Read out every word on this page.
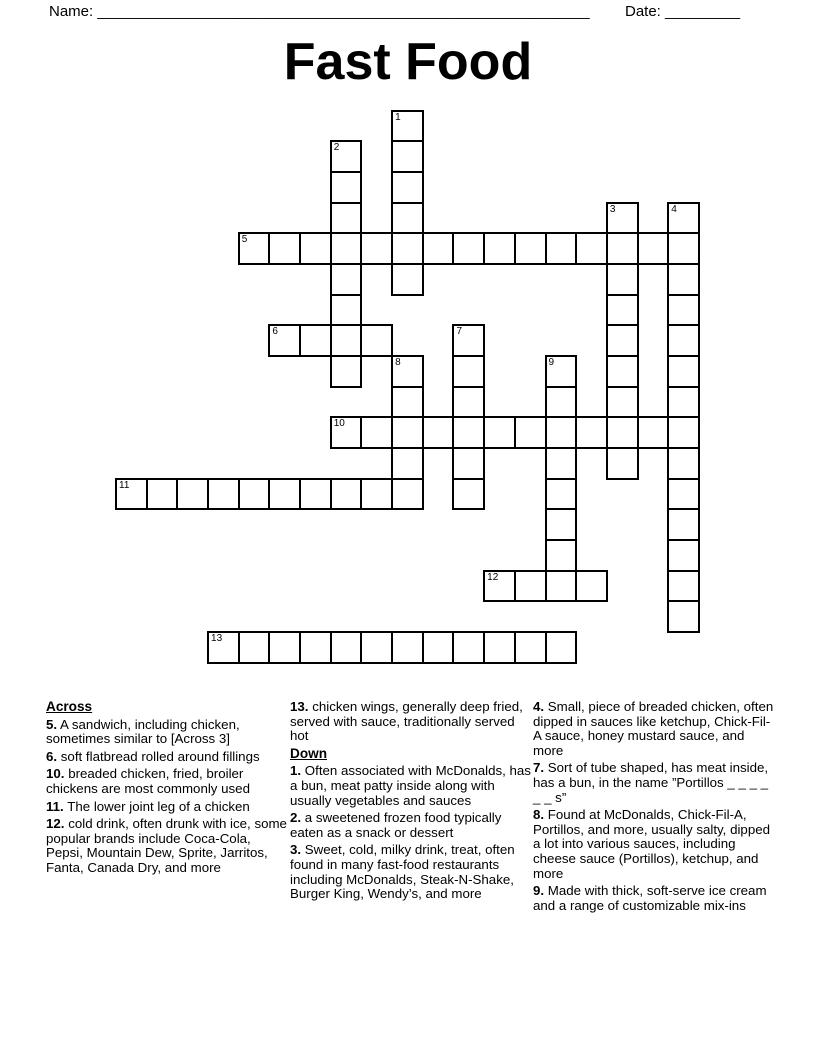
Name: ___________________________________________________________ Date: _________
Fast Food
1
2
3	4
5
6	7
8	9
10
11
12
13
Across
5. A sandwich, including chicken, sometimes similar to [Across 3]
6. soft flatbread rolled around fillings
10. breaded chicken, fried, broiler chickens are most commonly used
11. The lower joint leg of a chicken
12. cold drink, often drunk with ice, some popular brands include Coca-Cola, Pepsi, Mountain Dew, Sprite, Jarritos, Fanta, Canada Dry, and more
13. chicken wings, generally deep fried, served with sauce, traditionally served hot
Down
1. Often associated with McDonalds, has a bun, meat patty inside along with usually vegetables and sauces
2. a sweetened frozen food typically eaten as a snack or dessert
3. Sweet, cold, milky drink, treat, often found in many fast-food restaurants including McDonalds, Steak-N-Shake, Burger King, Wendy’s, and more
4. Small, piece of breaded chicken, often dipped in sauces like ketchup, Chick-Fil-A sauce, honey mustard sauce, and more
7. Sort of tube shaped, has meat inside, has a bun, in the name ”Portillos _ _ _ _ _ _ s”
8. Found at McDonalds, Chick-Fil-A, Portillos, and more, usually salty, dipped a lot into various sauces, including cheese sauce (Portillos), ketchup, and more
9. Made with thick, soft-serve ice cream and a range of customizable mix-ins
